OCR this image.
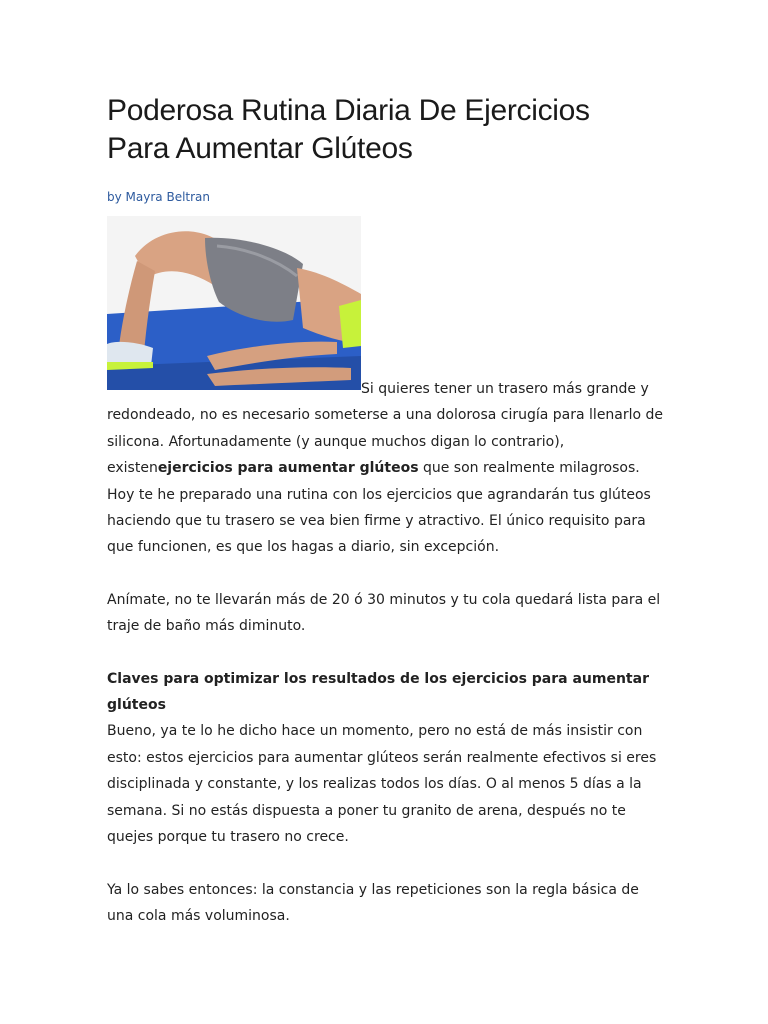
Poderosa Rutina Diaria De Ejercicios
Para Aumentar Glúteos
by Mayra Beltran

Si quieres tener un trasero más grande y redondeado, no es necesario someterse a una dolorosa cirugía para llenarlo de silicona. Afortunadamente (y aunque muchos digan lo contrario), existenejercicios para aumentar glúteos que son realmente milagrosos.

Hoy te he preparado una rutina con los ejercicios que agrandarán tus glúteos haciendo que tu trasero se vea bien firme y atractivo. El único requisito para que funcionen, es que los hagas a diario, sin excepción.

Anímate, no te llevarán más de 20 ó 30 minutos y tu cola quedará lista para el traje de baño más diminuto.

Claves para optimizar los resultados de los ejercicios para aumentar glúteos

Bueno, ya te lo he dicho hace un momento, pero no está de más insistir con esto: estos ejercicios para aumentar glúteos serán realmente efectivos si eres disciplinada y constante, y los realizas todos los días. O al menos 5 días a la semana. Si no estás dispuesta a poner tu granito de arena, después no te quejes porque tu trasero no crece.

Ya lo sabes entonces: la constancia y las repeticiones son la regla básica de una cola más voluminosa.
